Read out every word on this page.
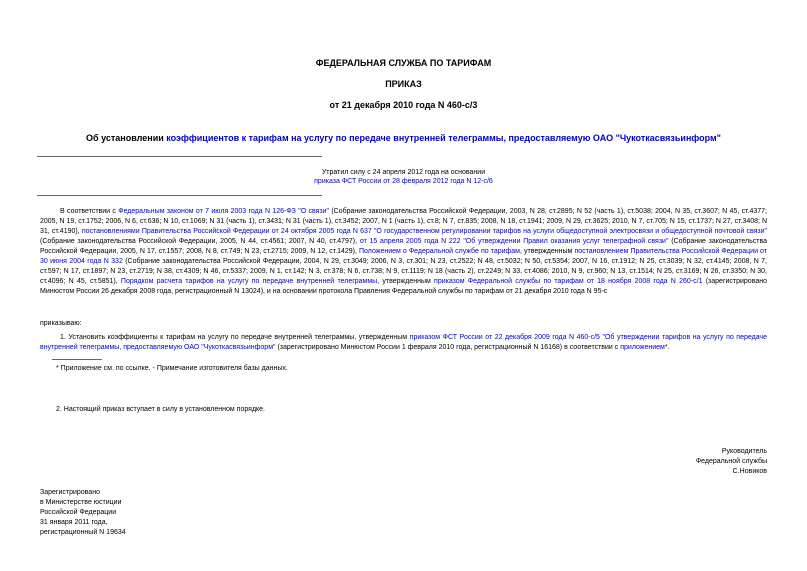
ФЕДЕРАЛЬНАЯ СЛУЖБА ПО ТАРИФАМ
ПРИКАЗ
от 21 декабря 2010 года N 460-с/3
Об установлении коэффициентов к тарифам на услугу по передаче внутренней телеграммы, предоставляемую ОАО "Чукоткасвязьинформ"
Утратил силу с 24 апреля 2012 года на основании
приказа ФСТ России от 28 февраля 2012 года N 12-с/6
В соответствии с Федеральным законом от 7 июля 2003 года N 126-ФЗ "О связи" (Собрание законодательства Российской Федерации, 2003, N 28, ст.2895; N 52 (часть 1), ст.5038; 2004, N 35, ст.3607; N 45, ст.4377; 2005, N 19, ст.1752; 2006, N 6, ст.636; N 10, ст.1069; N 31 (часть 1), ст.3431; N 31 (часть 1), ст.3452; 2007, N 1 (часть 1), ст.8; N 7, ст.835; 2008, N 18, ст.1941; 2009, N 29, ст.3625; 2010, N 7, ст.705; N 15, ст.1737; N 27, ст.3408; N 31, ст.4190), постановлениями Правительства Российской Федерации от 24 октября 2005 года N 637 "О государственном регулировании тарифов на услуги общедоступной электросвязи и общедоступной почтовой связи" (Собрание законодательства Российской Федерации, 2005, N 44, ст.4561; 2007, N 40, ст.4797), от 15 апреля 2005 года N 222 "Об утверждении Правил оказания услуг телеграфной связи" (Собрание законодательства Российской Федерации, 2005, N 17, ст.1557; 2008, N 8, ст.749; N 23, ст.2715; 2009, N 12, ст.1429), Положением о Федеральной службе по тарифам, утвержденным постановлением Правительства Российской Федерации от 30 июня 2004 года N 332 (Собрание законодательства Российской Федерации, 2004, N 29, ст.3049; 2006, N 3, ст.301; N 23, ст.2522; N 48, ст.5032; N 50, ст.5354; 2007, N 16, ст.1912; N 25, ст.3039; N 32, ст.4145; 2008, N 7, ст.597; N 17, ст.1897; N 23, ст.2719; N 38, ст.4309; N 46, ст.5337; 2009, N 1, ст.142; N 3, ст.378; N 6, ст.738; N 9, ст.1119; N 18 (часть 2), ст.2249; N 33, ст.4086; 2010, N 9, ст.960; N 13, ст.1514; N 25, ст.3169; N 26, ст.3350; N 30, ст.4096; N 45, ст.5851), Порядком расчета тарифов на услугу по передаче внутренней телеграммы, утвержденным приказом Федеральной службы по тарифам от 18 ноября 2008 года N 260-с/1 (зарегистрировано Минюстом России 26 декабря 2008 года, регистрационный N 13024), и на основании протокола Правления Федеральной службы по тарифам от 21 декабря 2010 года N 95-с
приказываю:
1. Установить коэффициенты к тарифам на услугу по передаче внутренней телеграммы, утвержденным приказом ФСТ России от 22 декабря 2009 года N 460-с/5 "Об утверждении тарифов на услугу по передаче внутренней телеграммы, предоставляемую ОАО "Чукоткасвязьинформ" (зарегистрировано Минюстом России 1 февраля 2010 года, регистрационный N 16168) в соответствии с приложением*.
* Приложение см. по ссылке. - Примечание изготовителя базы данных.
2. Настоящий приказ вступает в силу в установленном порядке.
Руководитель
Федеральной службы
С.Новиков
Зарегистрировано
в Министерстве юстиции
Российской Федерации
31 января 2011 года,
регистрационный N 19634
